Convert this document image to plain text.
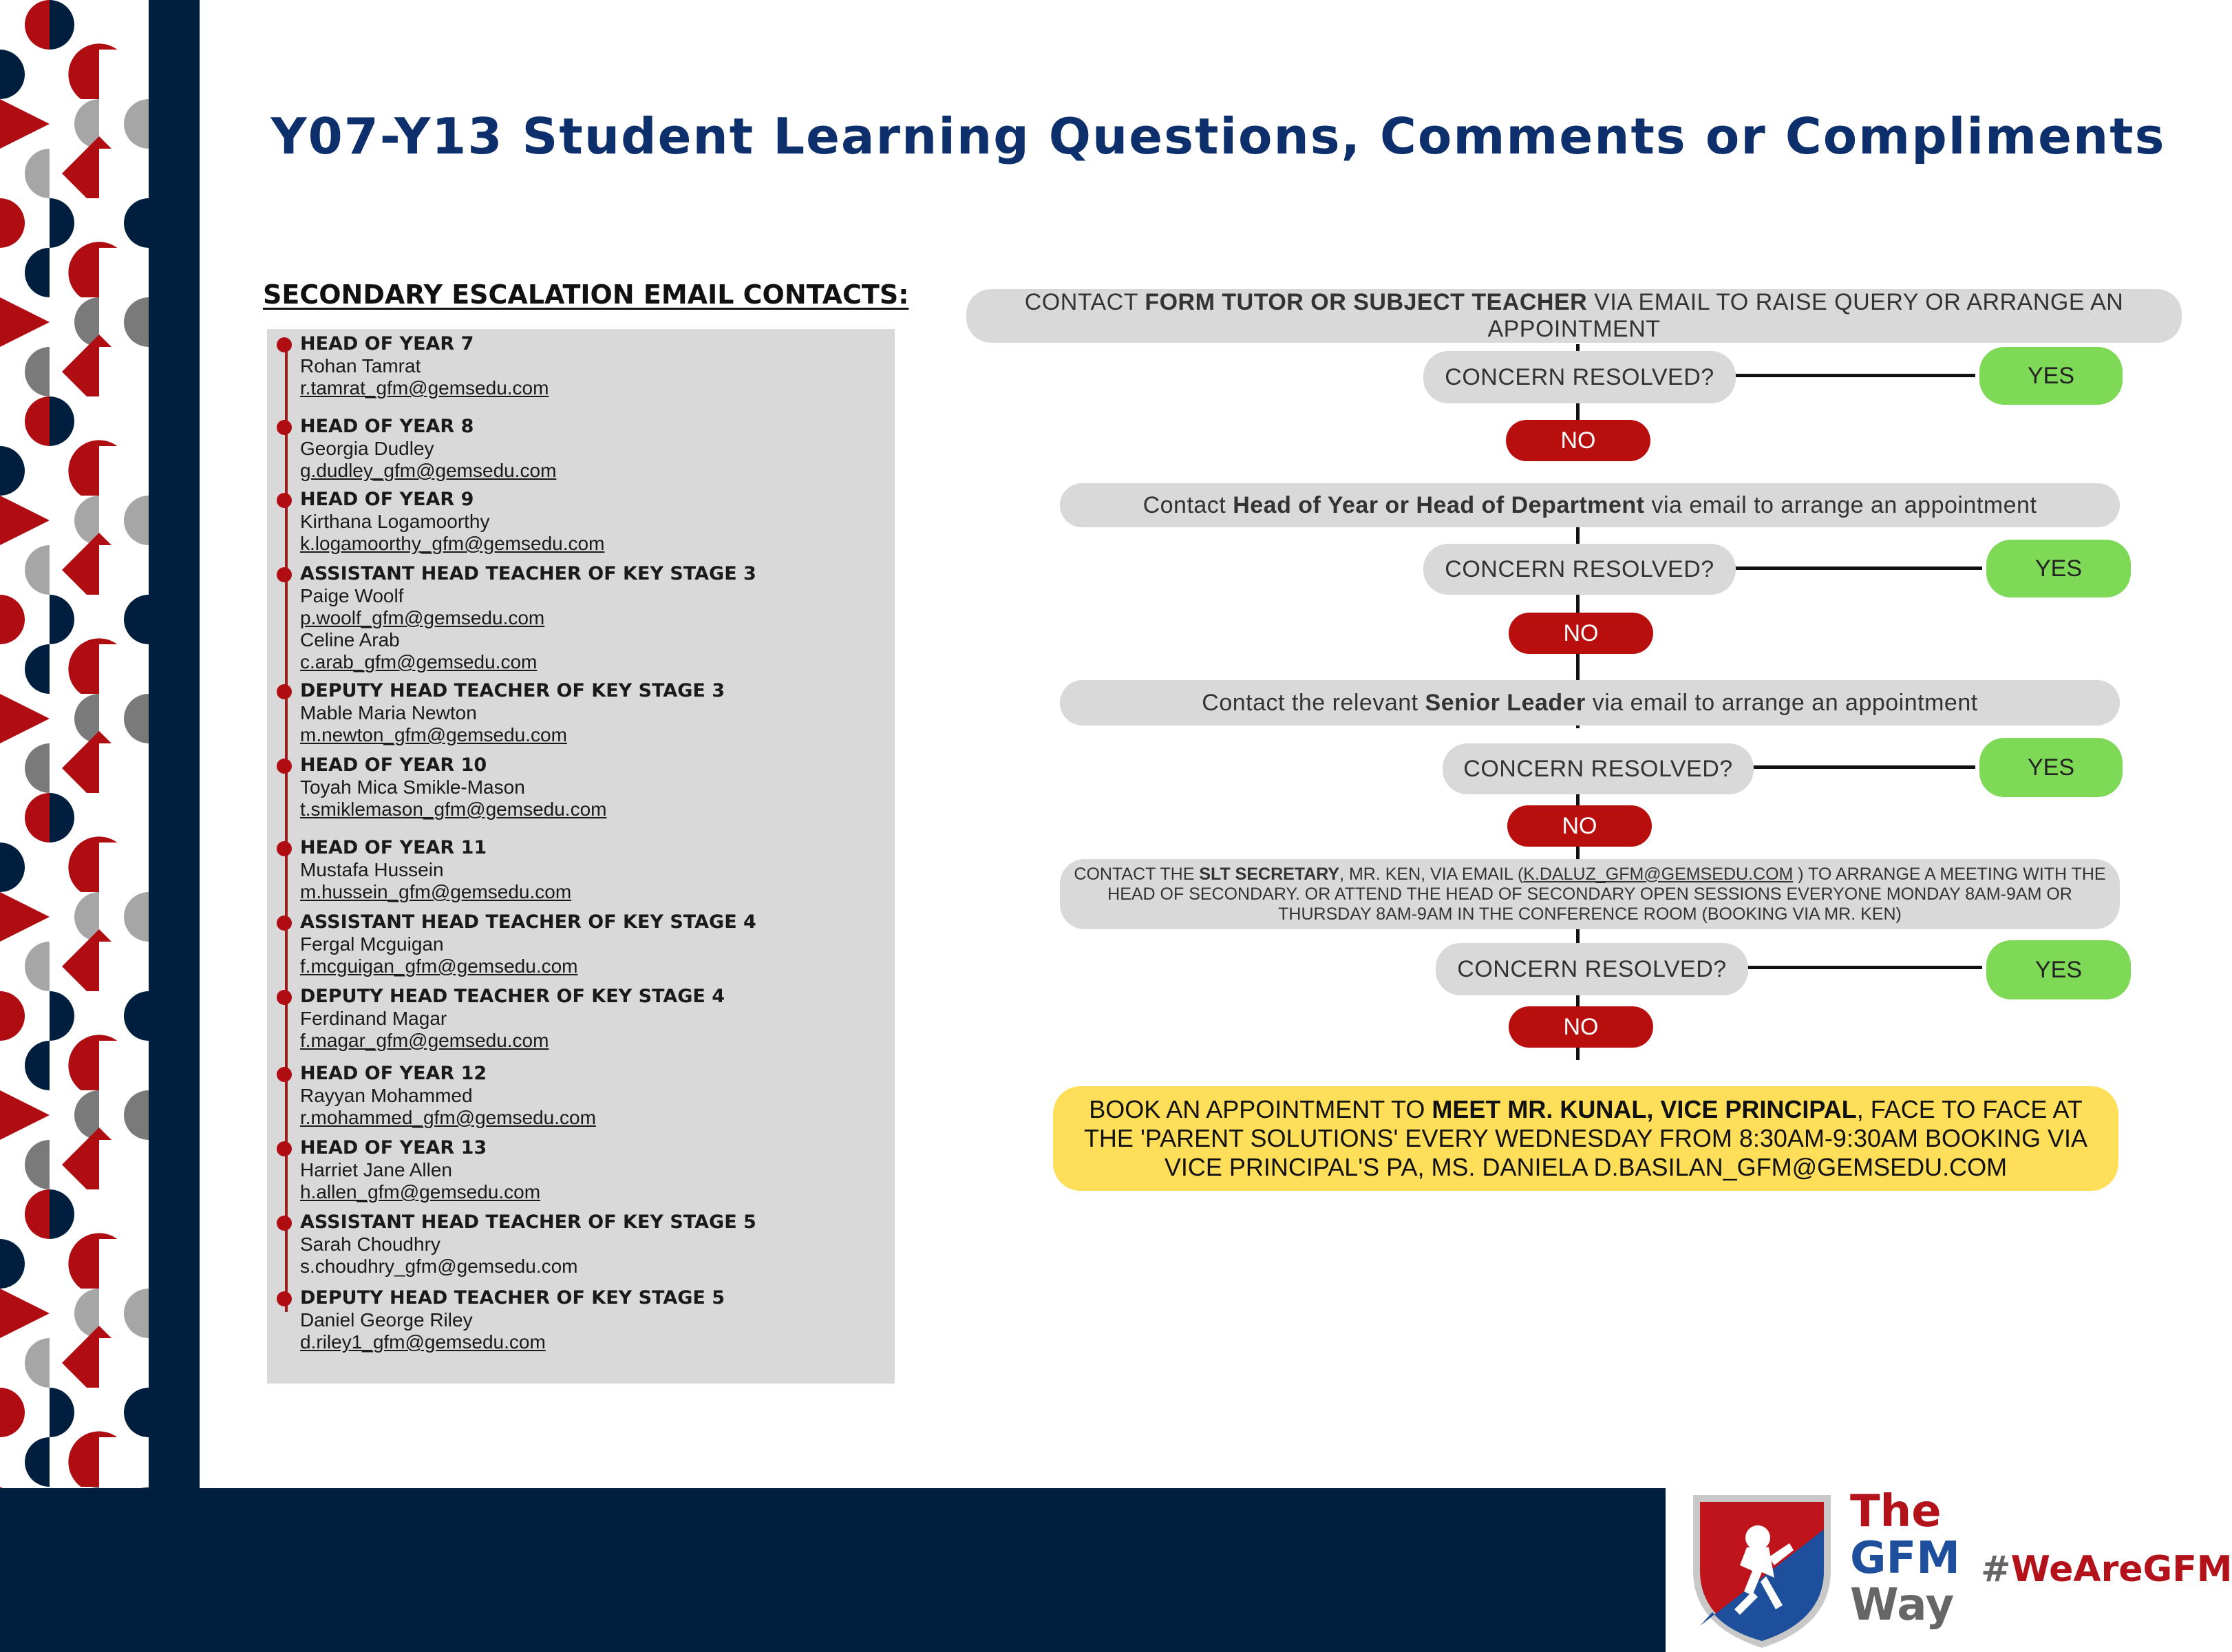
Y07-Y13 Student Learning Questions, Comments or Compliments
SECONDARY ESCALATION EMAIL CONTACTS:
HEAD OF YEAR 7
Rohan Tamrat
r.tamrat_gfm@gemsedu.com
HEAD OF YEAR 8
Georgia Dudley
g.dudley_gfm@gemsedu.com
HEAD OF YEAR 9
Kirthana Logamoorthy
k.logamoorthy_gfm@gemsedu.com
ASSISTANT HEAD TEACHER OF KEY STAGE 3
Paige Woolf
p.woolf_gfm@gemsedu.com
Celine Arab
c.arab_gfm@gemsedu.com
DEPUTY HEAD TEACHER OF KEY STAGE 3
Mable Maria Newton
m.newton_gfm@gemsedu.com
HEAD OF YEAR 10
Toyah Mica Smikle-Mason
t.smiklemason_gfm@gemsedu.com
HEAD OF YEAR 11
Mustafa Hussein
m.hussein_gfm@gemsedu.com
ASSISTANT HEAD TEACHER OF KEY STAGE 4
Fergal Mcguigan
f.mcguigan_gfm@gemsedu.com
DEPUTY HEAD TEACHER OF KEY STAGE 4
Ferdinand Magar
f.magar_gfm@gemsedu.com
HEAD OF YEAR 12
Rayyan Mohammed
r.mohammed_gfm@gemsedu.com
HEAD OF YEAR 13
Harriet Jane Allen
h.allen_gfm@gemsedu.com
ASSISTANT HEAD TEACHER OF KEY STAGE 5
Sarah Choudhry
s.choudhry_gfm@gemsedu.com
DEPUTY HEAD TEACHER OF KEY STAGE 5
Daniel George Riley
d.riley1_gfm@gemsedu.com
CONTACT FORM TUTOR OR SUBJECT TEACHER VIA EMAIL TO RAISE QUERY OR ARRANGE AN APPOINTMENT
CONCERN RESOLVED?	YES
NO
Contact Head of Year or Head of Department via email to arrange an appointment
CONCERN RESOLVED?	YES
NO
Contact the relevant Senior Leader via email to arrange an appointment
CONCERN RESOLVED?	YES
NO
CONTACT THE SLT SECRETARY, MR. KEN, VIA EMAIL (K.DALUZ_GFM@GEMSEDU.COM ) TO ARRANGE A MEETING WITH THE HEAD OF SECONDARY. OR ATTEND THE HEAD OF SECONDARY OPEN SESSIONS EVERYONE MONDAY 8AM-9AM OR THURSDAY 8AM-9AM IN THE CONFERENCE ROOM (BOOKING VIA MR. KEN)
CONCERN RESOLVED?	YES
NO
BOOK AN APPOINTMENT TO MEET MR. KUNAL, VICE PRINCIPAL, FACE TO FACE AT THE 'PARENT SOLUTIONS' EVERY WEDNESDAY FROM 8:30AM-9:30AM BOOKING VIA VICE PRINCIPAL'S PA, MS. DANIELA D.BASILAN_GFM@GEMSEDU.COM
The
GFM
Way
#WeAreGFM
